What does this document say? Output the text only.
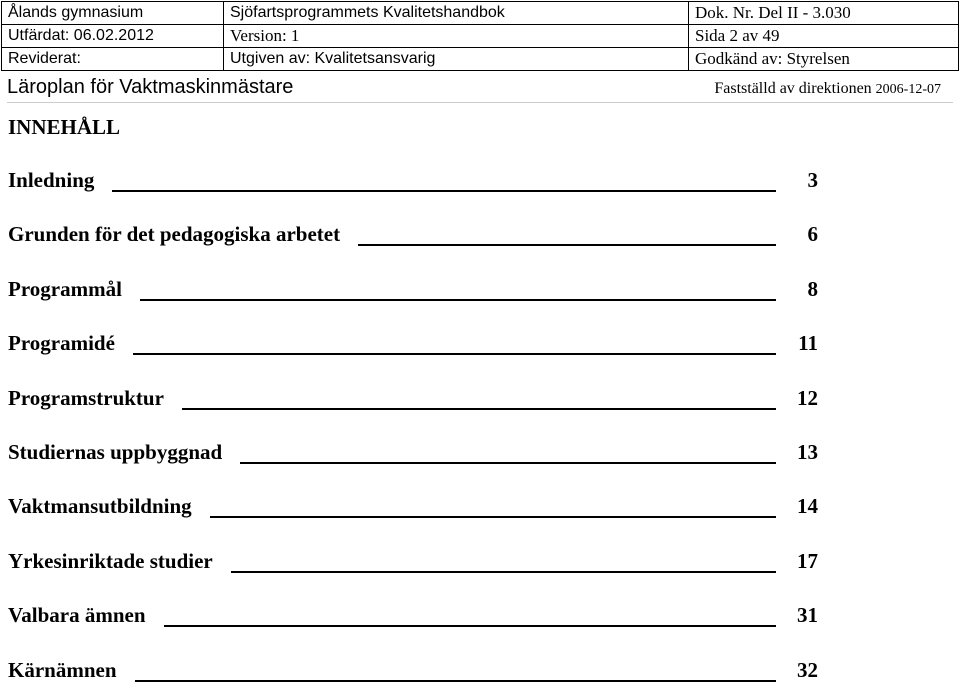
Ålands gymnasium	Sjöfartsprogrammets Kvalitetshandbok	Dok. Nr. Del II - 3.030
Utfärdat: 06.02.2012	Version: 1	Sida 2 av 49
Reviderat:	Utgiven av: Kvalitetsansvarig	Godkänd av: Styrelsen
Läroplan för Vaktmaskinmästare	Fastställd av direktionen 2006-12-07
INNEHÅLL
Inledning	3
Grunden för det pedagogiska arbetet	6
Programmål	8
Programidé	11
Programstruktur	12
Studiernas uppbyggnad	13
Vaktmansutbildning	14
Yrkesinriktade studier	17
Valbara ämnen	31
Kärnämnen	32
